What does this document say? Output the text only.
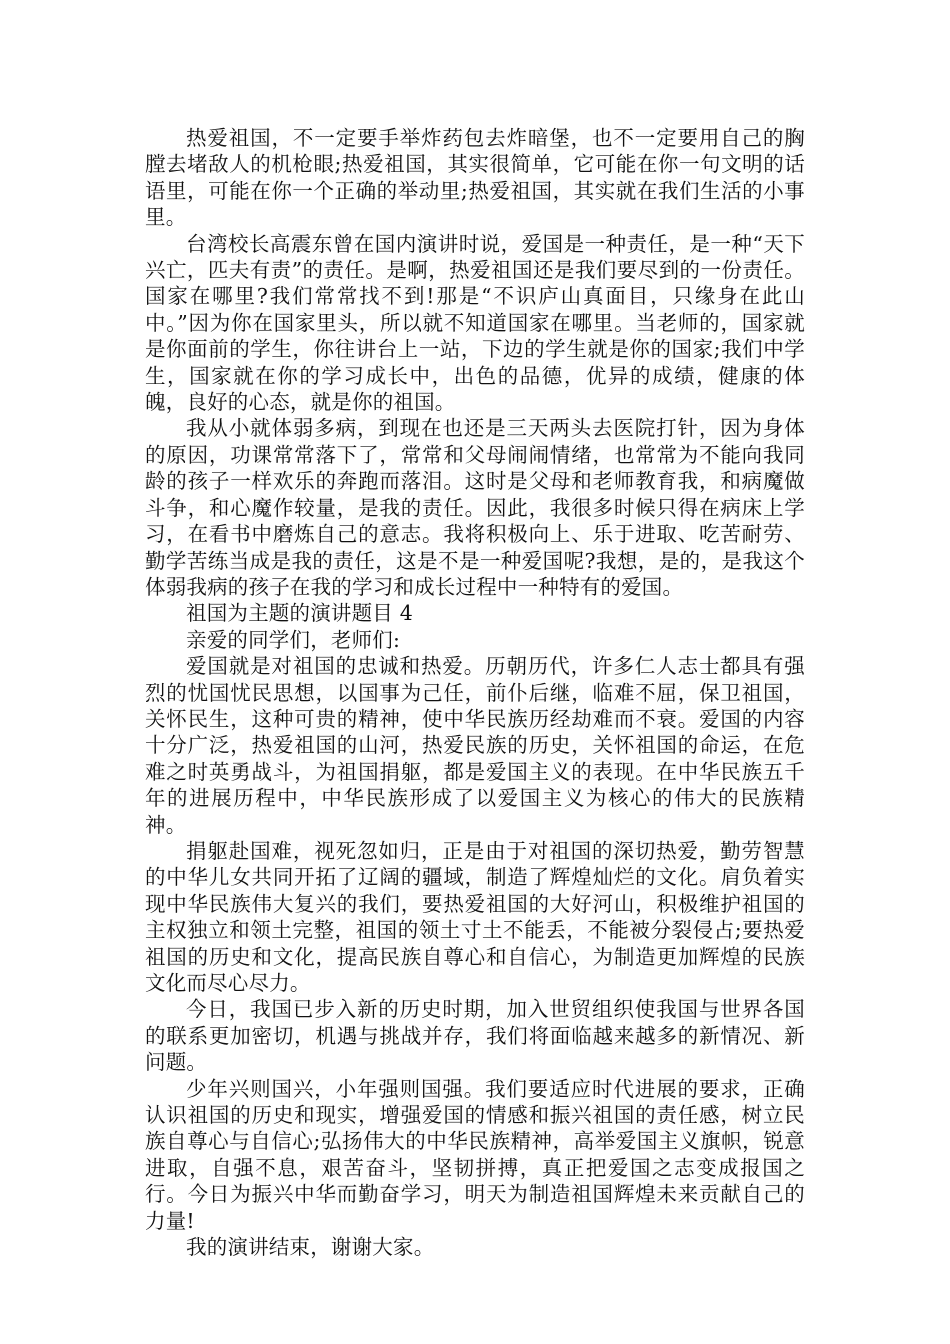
热爱祖国，不一定要手举炸药包去炸暗堡，也不一定要用自己的胸膛去堵敌人的机枪眼;热爱祖国，其实很简单，它可能在你一句文明的话语里，可能在你一个正确的举动里;热爱祖国，其实就在我们生活的小事里。

台湾校长高震东曾在国内演讲时说，爱国是一种责任，是一种“天下兴亡，匹夫有责”的责任。是啊，热爱祖国还是我们要尽到的一份责任。国家在哪里?我们常常找不到!那是“不识庐山真面目，只缘身在此山中。”因为你在国家里头，所以就不知道国家在哪里。当老师的，国家就是你面前的学生，你往讲台上一站，下边的学生就是你的国家;我们中学生，国家就在你的学习成长中，出色的品德，优异的成绩，健康的体魄，良好的心态，就是你的祖国。

我从小就体弱多病，到现在也还是三天两头去医院打针，因为身体的原因，功课常常落下了，常常和父母闹闹情绪，也常常为不能向我同龄的孩子一样欢乐的奔跑而落泪。这时是父母和老师教育我，和病魔做斗争，和心魔作较量，是我的责任。因此，我很多时候只得在病床上学习，在看书中磨炼自己的意志。我将积极向上、乐于进取、吃苦耐劳、勤学苦练当成是我的责任，这是不是一种爱国呢?我想，是的，是我这个体弱我病的孩子在我的学习和成长过程中一种特有的爱国。

祖国为主题的演讲题目 4

亲爱的同学们，老师们:

爱国就是对祖国的忠诚和热爱。历朝历代，许多仁人志士都具有强烈的忧国忧民思想，以国事为己任，前仆后继，临难不屈，保卫祖国，关怀民生，这种可贵的精神，使中华民族历经劫难而不衰。爱国的内容十分广泛，热爱祖国的山河，热爱民族的历史，关怀祖国的命运，在危难之时英勇战斗，为祖国捐躯，都是爱国主义的表现。在中华民族五千年的进展历程中，中华民族形成了以爱国主义为核心的伟大的民族精神。

捐躯赴国难，视死忽如归，正是由于对祖国的深切热爱，勤劳智慧的中华儿女共同开拓了辽阔的疆域，制造了辉煌灿烂的文化。肩负着实现中华民族伟大复兴的我们，要热爱祖国的大好河山，积极维护祖国的主权独立和领土完整，祖国的领土寸土不能丢，不能被分裂侵占;要热爱祖国的历史和文化，提高民族自尊心和自信心，为制造更加辉煌的民族文化而尽心尽力。

今日，我国已步入新的历史时期，加入世贸组织使我国与世界各国的联系更加密切，机遇与挑战并存，我们将面临越来越多的新情况、新问题。

少年兴则国兴，小年强则国强。我们要适应时代进展的要求，正确认识祖国的历史和现实，增强爱国的情感和振兴祖国的责任感，树立民族自尊心与自信心;弘扬伟大的中华民族精神，高举爱国主义旗帜，锐意进取，自强不息，艰苦奋斗，坚韧拼搏，真正把爱国之志变成报国之行。今日为振兴中华而勤奋学习，明天为制造祖国辉煌未来贡献自己的力量!

我的演讲结束，谢谢大家。
